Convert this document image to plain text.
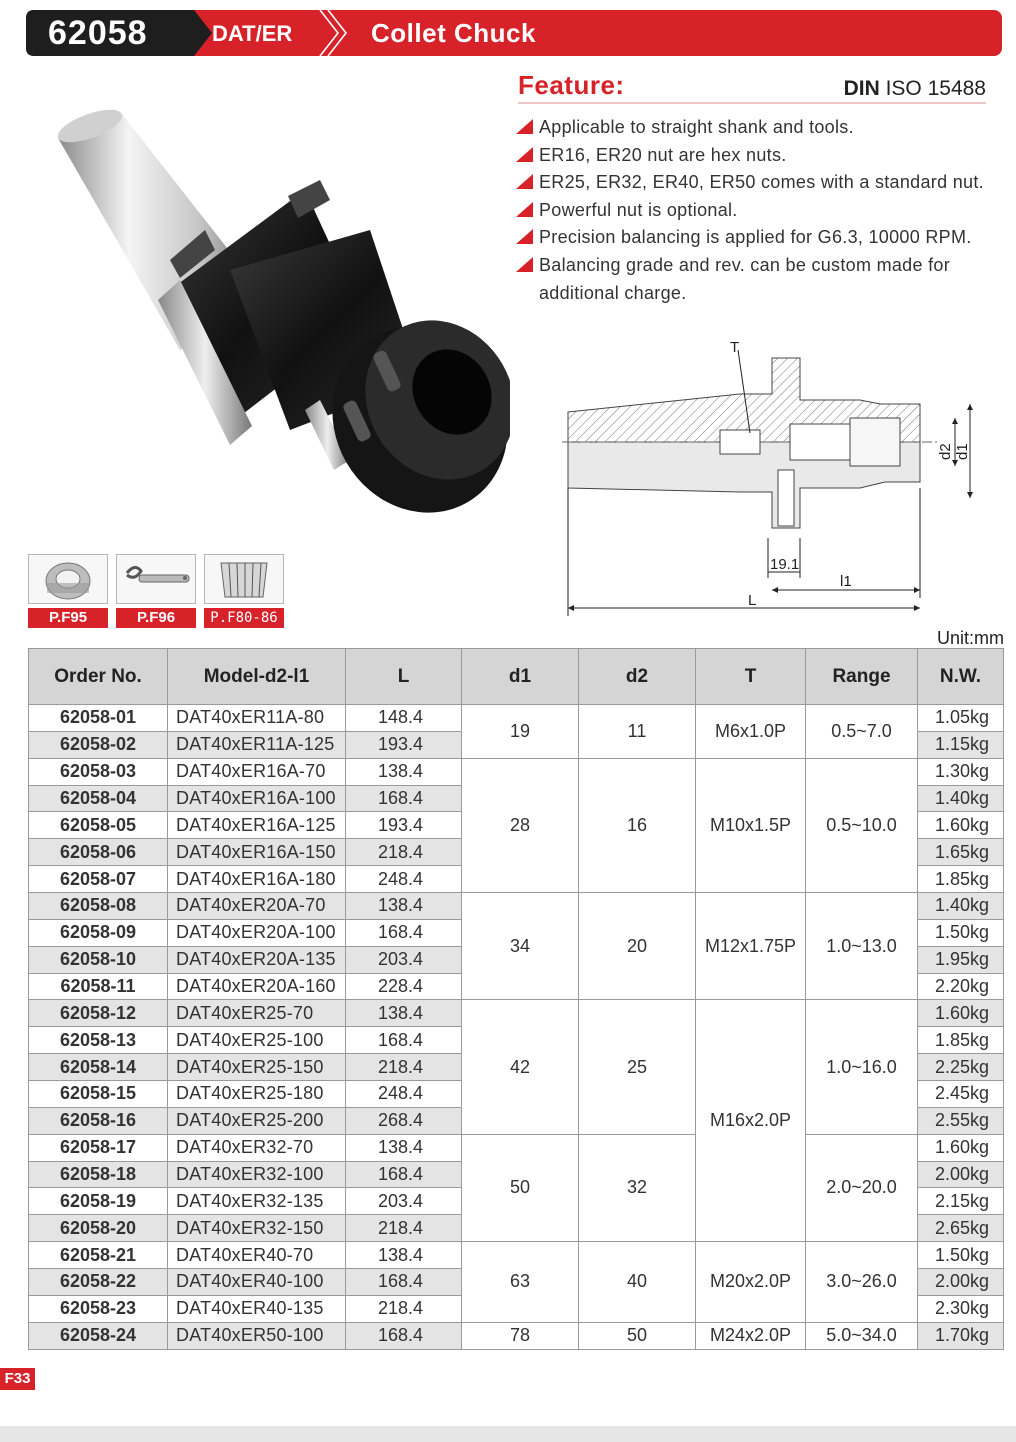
62058	DAT/ER	Collet Chuck
Feature:	DIN ISO 15488
Applicable to straight shank and tools.
ER16, ER20 nut are hex nuts.
ER25, ER32, ER40, ER50 comes with a standard nut.
Powerful nut is optional.
Precision balancing is applied for G6.3, 10000 RPM.
Balancing grade and rev. can be custom made for additional charge.
P.F95	P.F96	P.F80-86
T
d2 d1
19.1
l1
L
Unit:mm
Order No.	Model-d2-l1	L	d1	d2	T	Range	N.W.
62058-01	DAT40xER11A-80	148.4	19	11	M6x1.0P	0.5~7.0	1.05kg
62058-02	DAT40xER11A-125	193.4					1.15kg
62058-03	DAT40xER16A-70	138.4	28	16	M10x1.5P	0.5~10.0	1.30kg
62058-04	DAT40xER16A-100	168.4					1.40kg
62058-05	DAT40xER16A-125	193.4					1.60kg
62058-06	DAT40xER16A-150	218.4					1.65kg
62058-07	DAT40xER16A-180	248.4					1.85kg
62058-08	DAT40xER20A-70	138.4	34	20	M12x1.75P	1.0~13.0	1.40kg
62058-09	DAT40xER20A-100	168.4					1.50kg
62058-10	DAT40xER20A-135	203.4					1.95kg
62058-11	DAT40xER20A-160	228.4					2.20kg
62058-12	DAT40xER25-70	138.4	42	25	M16x2.0P	1.0~16.0	1.60kg
62058-13	DAT40xER25-100	168.4					1.85kg
62058-14	DAT40xER25-150	218.4					2.25kg
62058-15	DAT40xER25-180	248.4					2.45kg
62058-16	DAT40xER25-200	268.4					2.55kg
62058-17	DAT40xER32-70	138.4	50	32		2.0~20.0	1.60kg
62058-18	DAT40xER32-100	168.4					2.00kg
62058-19	DAT40xER32-135	203.4					2.15kg
62058-20	DAT40xER32-150	218.4					2.65kg
62058-21	DAT40xER40-70	138.4	63	40	M20x2.0P	3.0~26.0	1.50kg
62058-22	DAT40xER40-100	168.4					2.00kg
62058-23	DAT40xER40-135	218.4					2.30kg
62058-24	DAT40xER50-100	168.4	78	50	M24x2.0P	5.0~34.0	1.70kg
F33
